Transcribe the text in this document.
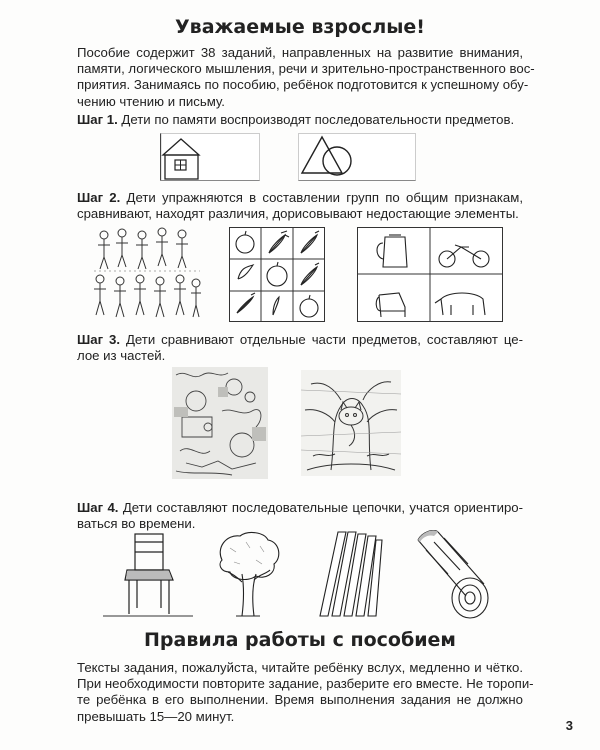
Уважаемые взрослые!
Пособие содержит 38 заданий, направленных на развитие внимания,
памяти, логического мышления, речи и зрительно-пространственного вос-
приятия. Занимаясь по пособию, ребёнок подготовится к успешному обу-
чению чтению и письму.
Шаг 1. Дети по памяти воспроизводят последовательности предметов.
Шаг 2. Дети упражняются в составлении групп по общим признакам,
сравнивают, находят различия, дорисовывают недостающие элементы.
Шаг 3. Дети сравнивают отдельные части предметов, составляют це-
лое из частей.
Шаг 4. Дети составляют последовательные цепочки, учатся ориентиро-
ваться во времени.
Правила работы с пособием
Тексты задания, пожалуйста, читайте ребёнку вслух, медленно и чётко.
При необходимости повторите задание, разберите его вместе. Не торопи-
те ребёнка в его выполнении. Время выполнения задания не должно
превышать 15—20 минут.
3
